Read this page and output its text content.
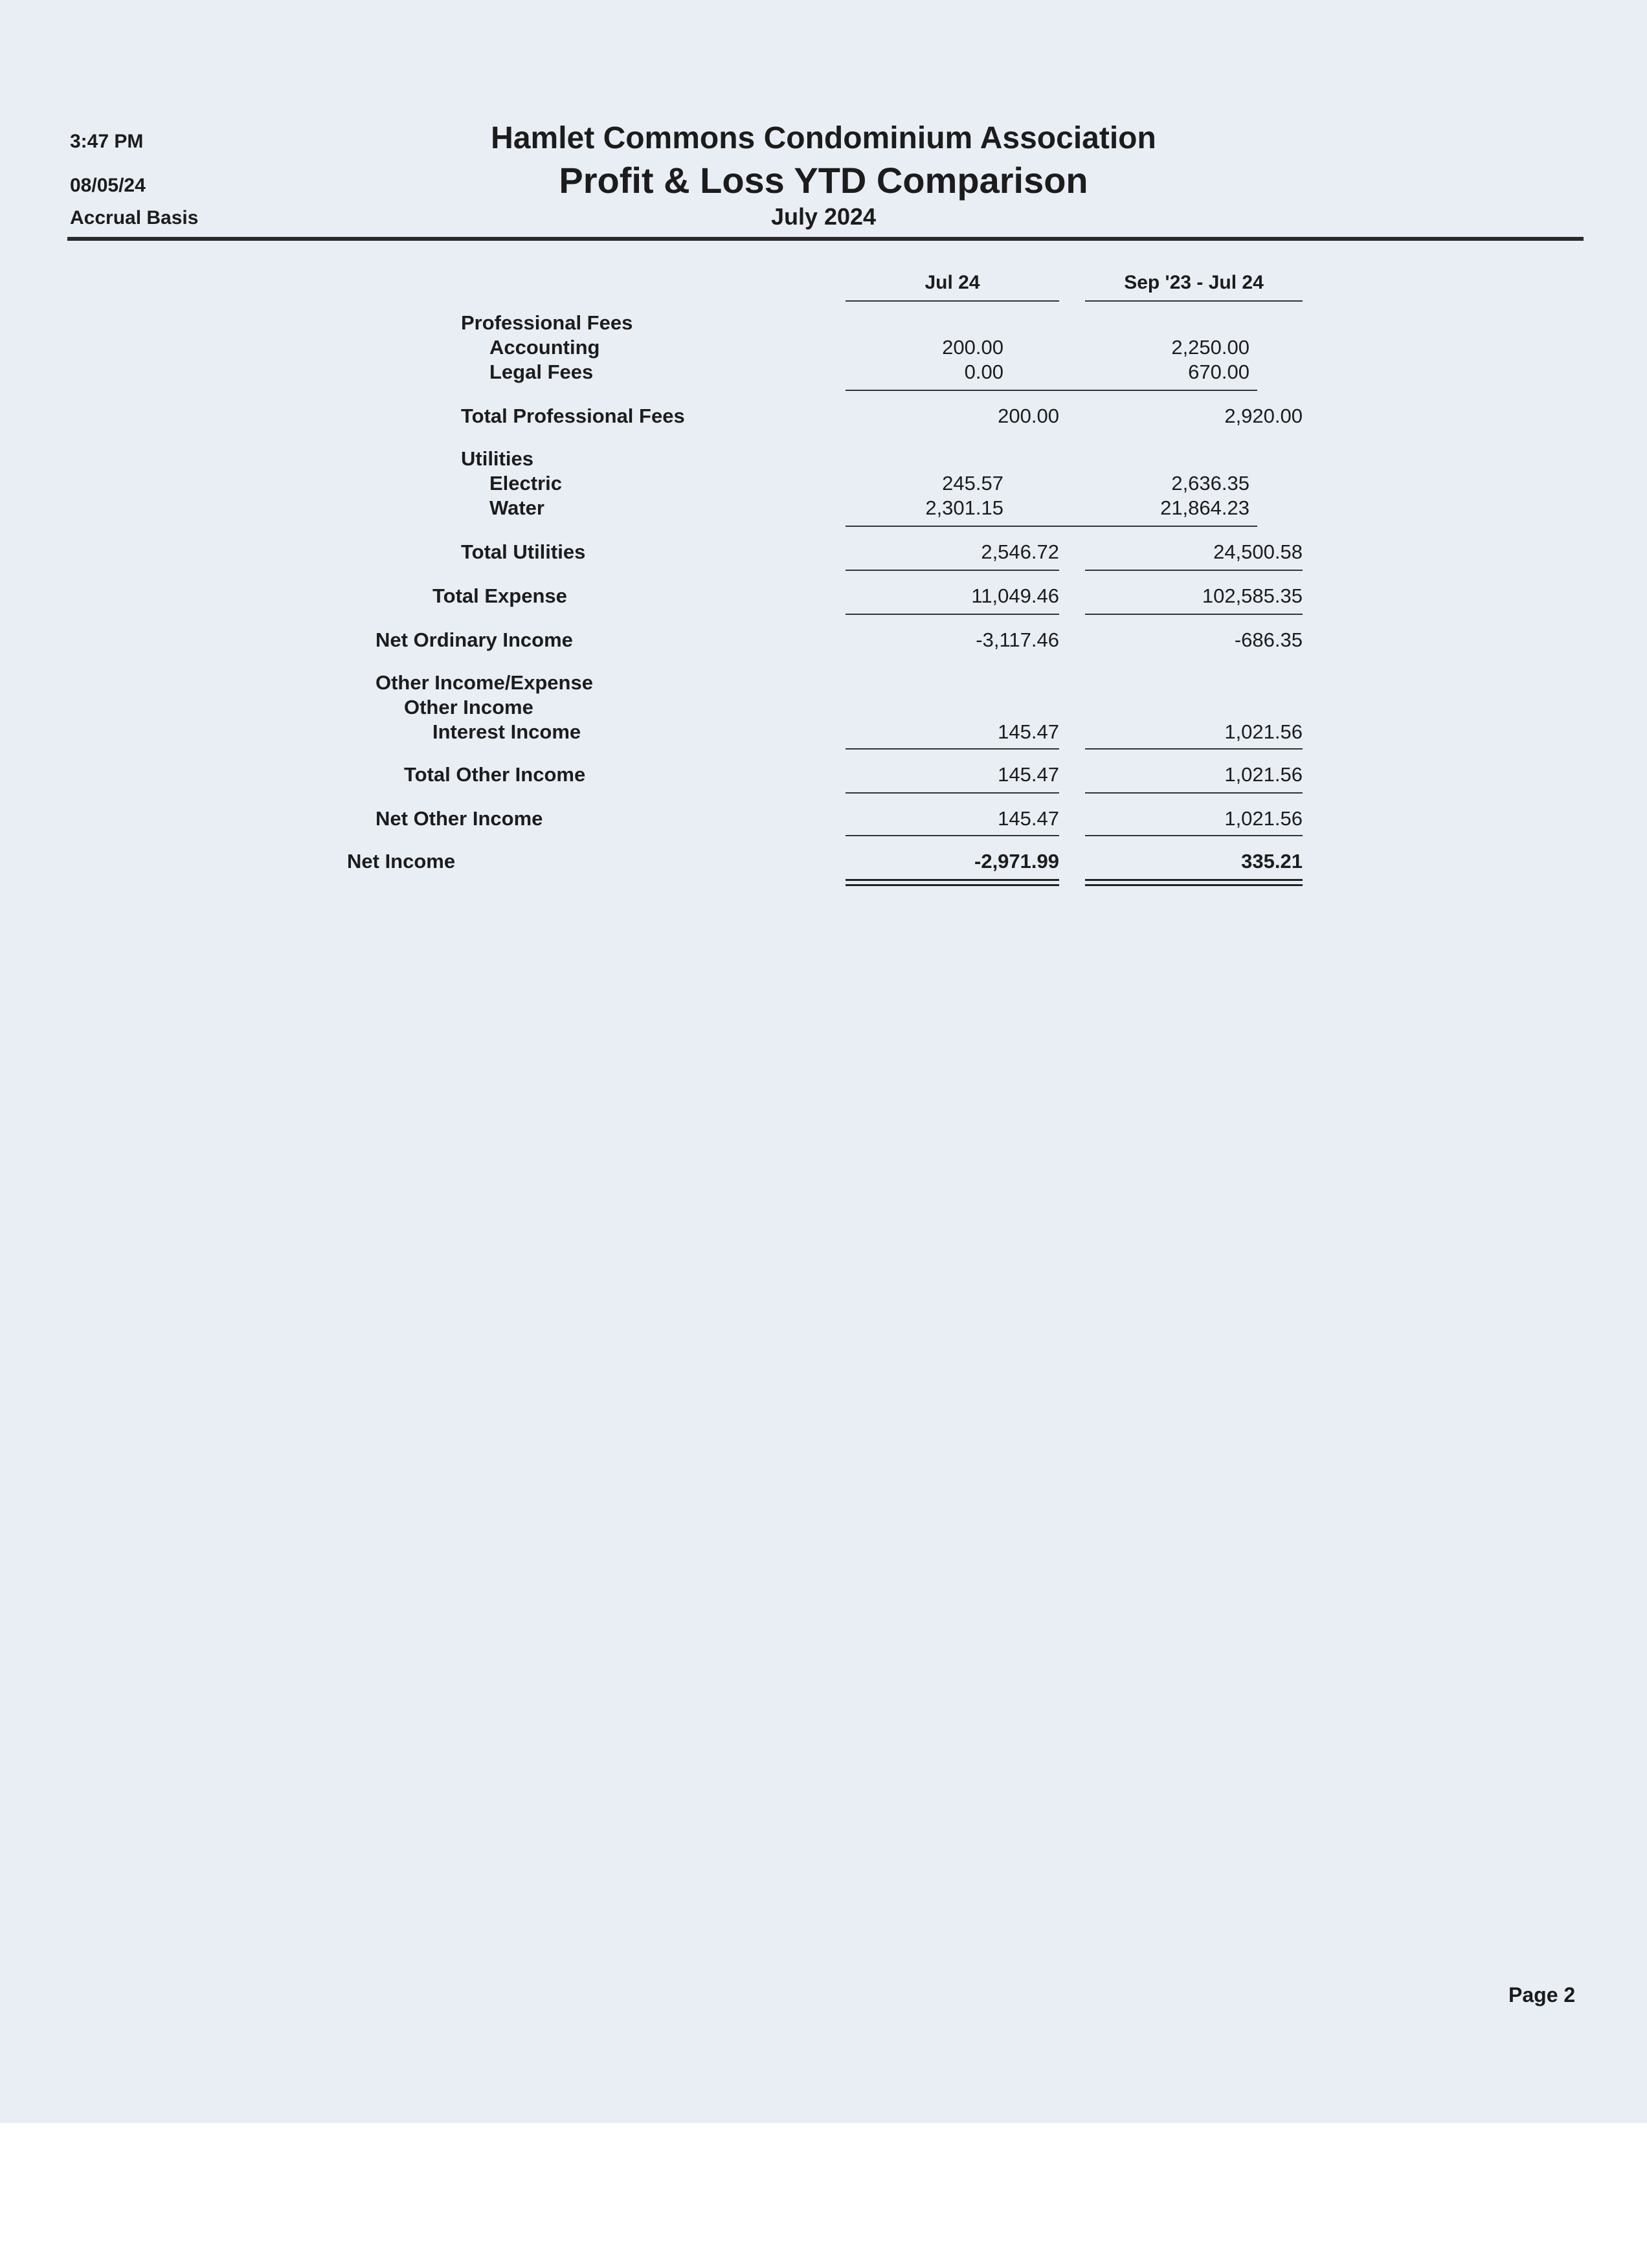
3:47 PM
08/05/24
Accrual Basis
Hamlet Commons Condominium Association
Profit & Loss YTD Comparison
July 2024
Jul 24	Sep '23 - Jul 24
Professional Fees
Accounting
Legal Fees
Total Professional Fees
Utilities
Electric
Water
Total Utilities
Total Expense
Net Ordinary Income
Other Income/Expense
Other Income
Interest Income
Total Other Income
Net Other Income
Net Income
200.00
0.00
200.00
245.57
2,301.15
2,546.72
11,049.46
-3,117.46
145.47
145.47
145.47
-2,971.99
2,250.00
670.00
2,920.00
2,636.35
21,864.23
24,500.58
102,585.35
-686.35
1,021.56
1,021.56
1,021.56
335.21
Page 2
